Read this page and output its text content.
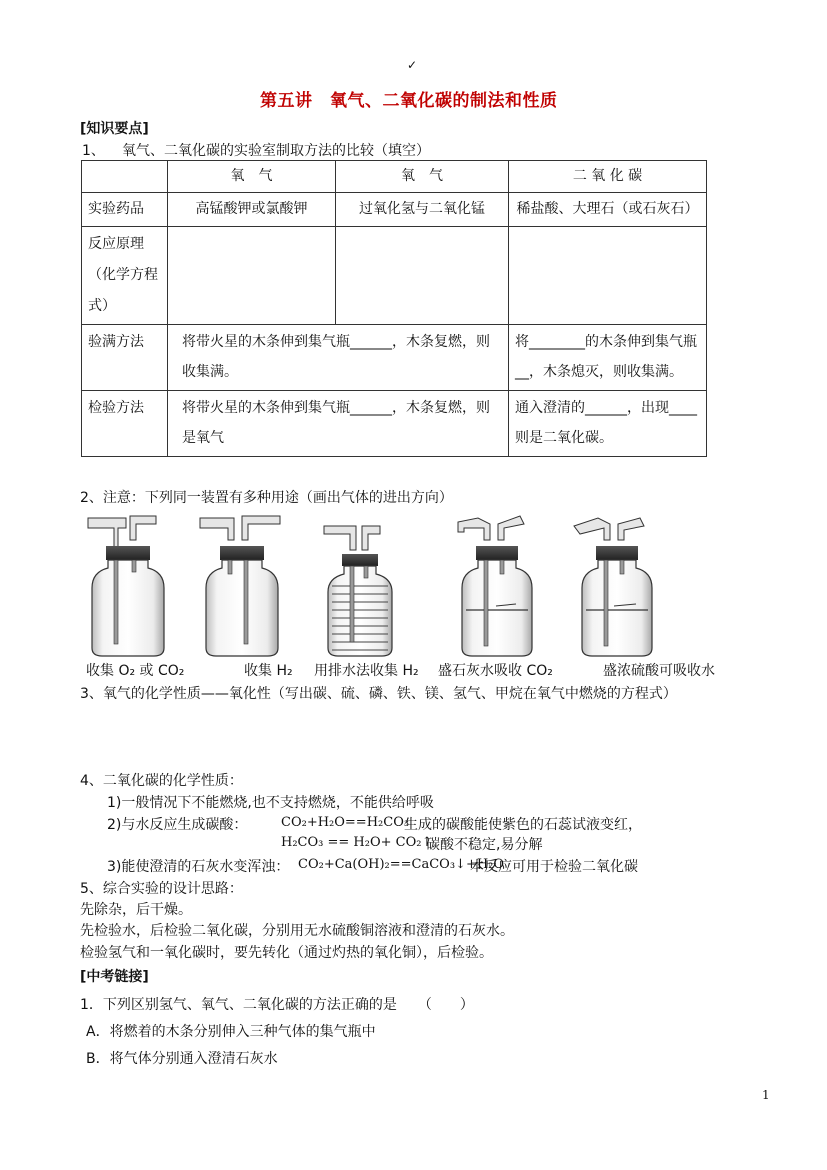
✓
第五讲　氧气、二氧化碳的制法和性质
[知识要点]
1、 氧气、二氧化碳的实验室制取方法的比较（填空）
	氧　气	氧　气	二 氧 化 碳
实验药品	高锰酸钾或氯酸钾	过氧化氢与二氧化锰	稀盐酸、大理石（或石灰石）
反应原理（化学方程式）			
验满方法	将带火星的木条伸到集气瓶______，木条复燃，则收集满。		将________的木条伸到集气瓶__，木条熄灭，则收集满。
检验方法	将带火星的木条伸到集气瓶______，木条复燃，则是氧气		通入澄清的______，出现____则是二氧化碳。
2、注意：下列同一装置有多种用途（画出气体的进出方向）
收集 O₂ 或 CO₂	收集 H₂ 用排水法收集 H₂ 盛石灰水吸收 CO₂	盛浓硫酸可吸收水
3、氧气的化学性质——氧化性（写出碳、硫、磷、铁、镁、氢气、甲烷在氧气中燃烧的方程式）
4、二氧化碳的化学性质：
1)一般情况下不能燃烧,也不支持燃烧，不能供给呼吸
2)与水反应生成碳酸：	CO₂+H₂O==H₂CO₃
生成的碳酸能使紫色的石蕊试液变红，
H₂CO₃ == H₂O+ CO₂↑
碳酸不稳定,易分解
3)能使澄清的石灰水变浑浊： CO₂+Ca(OH)₂==CaCO₃↓+H₂O
本反应可用于检验二氧化碳
5、综合实验的设计思路：
先除杂，后干燥。
先检验水，后检验二氧化碳，分别用无水硫酸铜溶液和澄清的石灰水。
检验氢气和一氧化碳时，要先转化（通过灼热的氧化铜），后检验。
[中考链接]
1．下列区别氢气、氧气、二氧化碳的方法正确的是　　（　　）
A．将燃着的木条分别伸入三种气体的集气瓶中
B．将气体分别通入澄清石灰水
1
